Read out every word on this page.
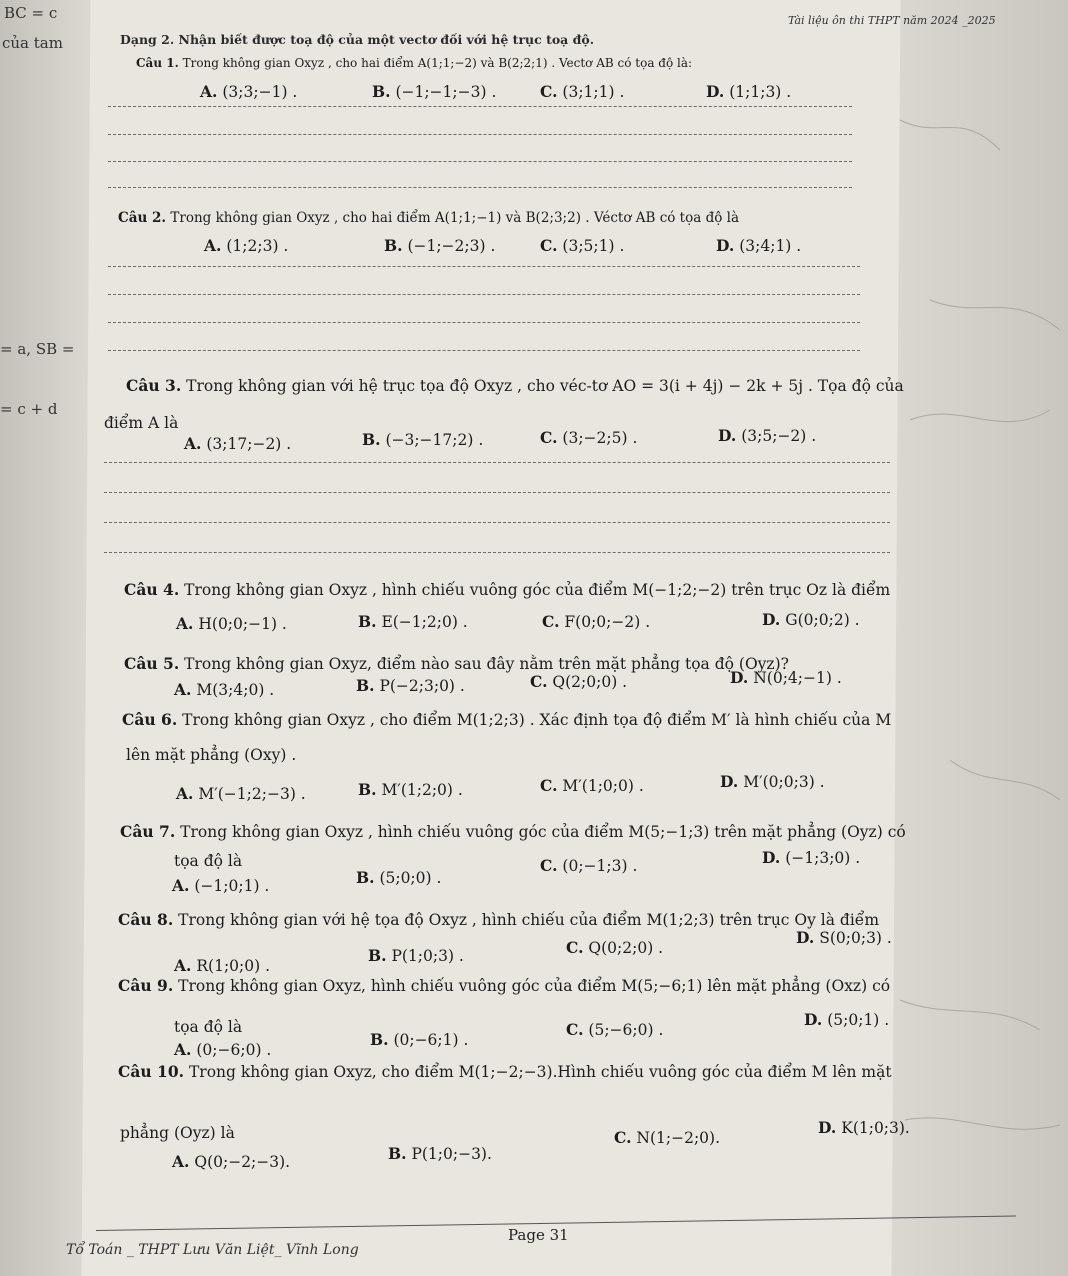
Tài liệu ôn thi THPT năm 2024 _2025
Dạng 2. Nhận biết được toạ độ của một vectơ đối với hệ trục toạ độ.
BC = c
của tam
= a, SB =
= c + d
Câu 1. Trong không gian Oxyz , cho hai điểm A(1;1;−2) và B(2;2;1) . Vectơ AB có tọa độ là:
A. (3;3;−1) .	B. (−1;−1;−3) .	C. (3;1;1) .	D. (1;1;3) .
Câu 2. Trong không gian Oxyz , cho hai điểm A(1;1;−1) và B(2;3;2) . Véctơ AB có tọa độ là
A. (1;2;3) .	B. (−1;−2;3) .	C. (3;5;1) .	D. (3;4;1) .
Câu 3. Trong không gian với hệ trục tọa độ Oxyz , cho véc-tơ AO = 3(i + 4j) − 2k + 5j . Tọa độ của
điểm A là
A. (3;17;−2) .	B. (−3;−17;2) .	C. (3;−2;5) .	D. (3;5;−2) .
Câu 4. Trong không gian Oxyz , hình chiếu vuông góc của điểm M(−1;2;−2) trên trục Oz là điểm
A. H(0;0;−1) .	B. E(−1;2;0) .	C. F(0;0;−2) .	D. G(0;0;2) .
Câu 5. Trong không gian Oxyz, điểm nào sau đây nằm trên mặt phẳng tọa độ (Oyz)?
A. M(3;4;0) .	B. P(−2;3;0) .	C. Q(2;0;0) .	D. N(0;4;−1) .
Câu 6. Trong không gian Oxyz , cho điểm M(1;2;3) . Xác định tọa độ điểm M′ là hình chiếu của M
lên mặt phẳng (Oxy) .
A. M′(−1;2;−3) .	B. M′(1;2;0) .	C. M′(1;0;0) .	D. M′(0;0;3) .
Câu 7. Trong không gian Oxyz , hình chiếu vuông góc của điểm M(5;−1;3) trên mặt phẳng (Oyz) có
tọa độ là
A. (−1;0;1) .	B. (5;0;0) .
C. (0;−1;3) .	D. (−1;3;0) .
Câu 8. Trong không gian với hệ tọa độ Oxyz , hình chiếu của điểm M(1;2;3) trên trục Oy là điểm
A. R(1;0;0) .
B. P(1;0;3) .	C. Q(0;2;0) .
D. S(0;0;3) .
Câu 9. Trong không gian Oxyz, hình chiếu vuông góc của điểm M(5;−6;1) lên mặt phẳng (Oxz) có
tọa độ là
A. (0;−6;0) .
B. (0;−6;1) .
C. (5;−6;0) .
D. (5;0;1) .
Câu 10. Trong không gian Oxyz, cho điểm M(1;−2;−3).Hình chiếu vuông góc của điểm M lên mặt
phẳng (Oyz) là
A. Q(0;−2;−3).	B. P(1;0;−3).
C. N(1;−2;0).
D. K(1;0;3).
Page 31
Tổ Toán _ THPT Lưu Văn Liệt_ Vĩnh Long
